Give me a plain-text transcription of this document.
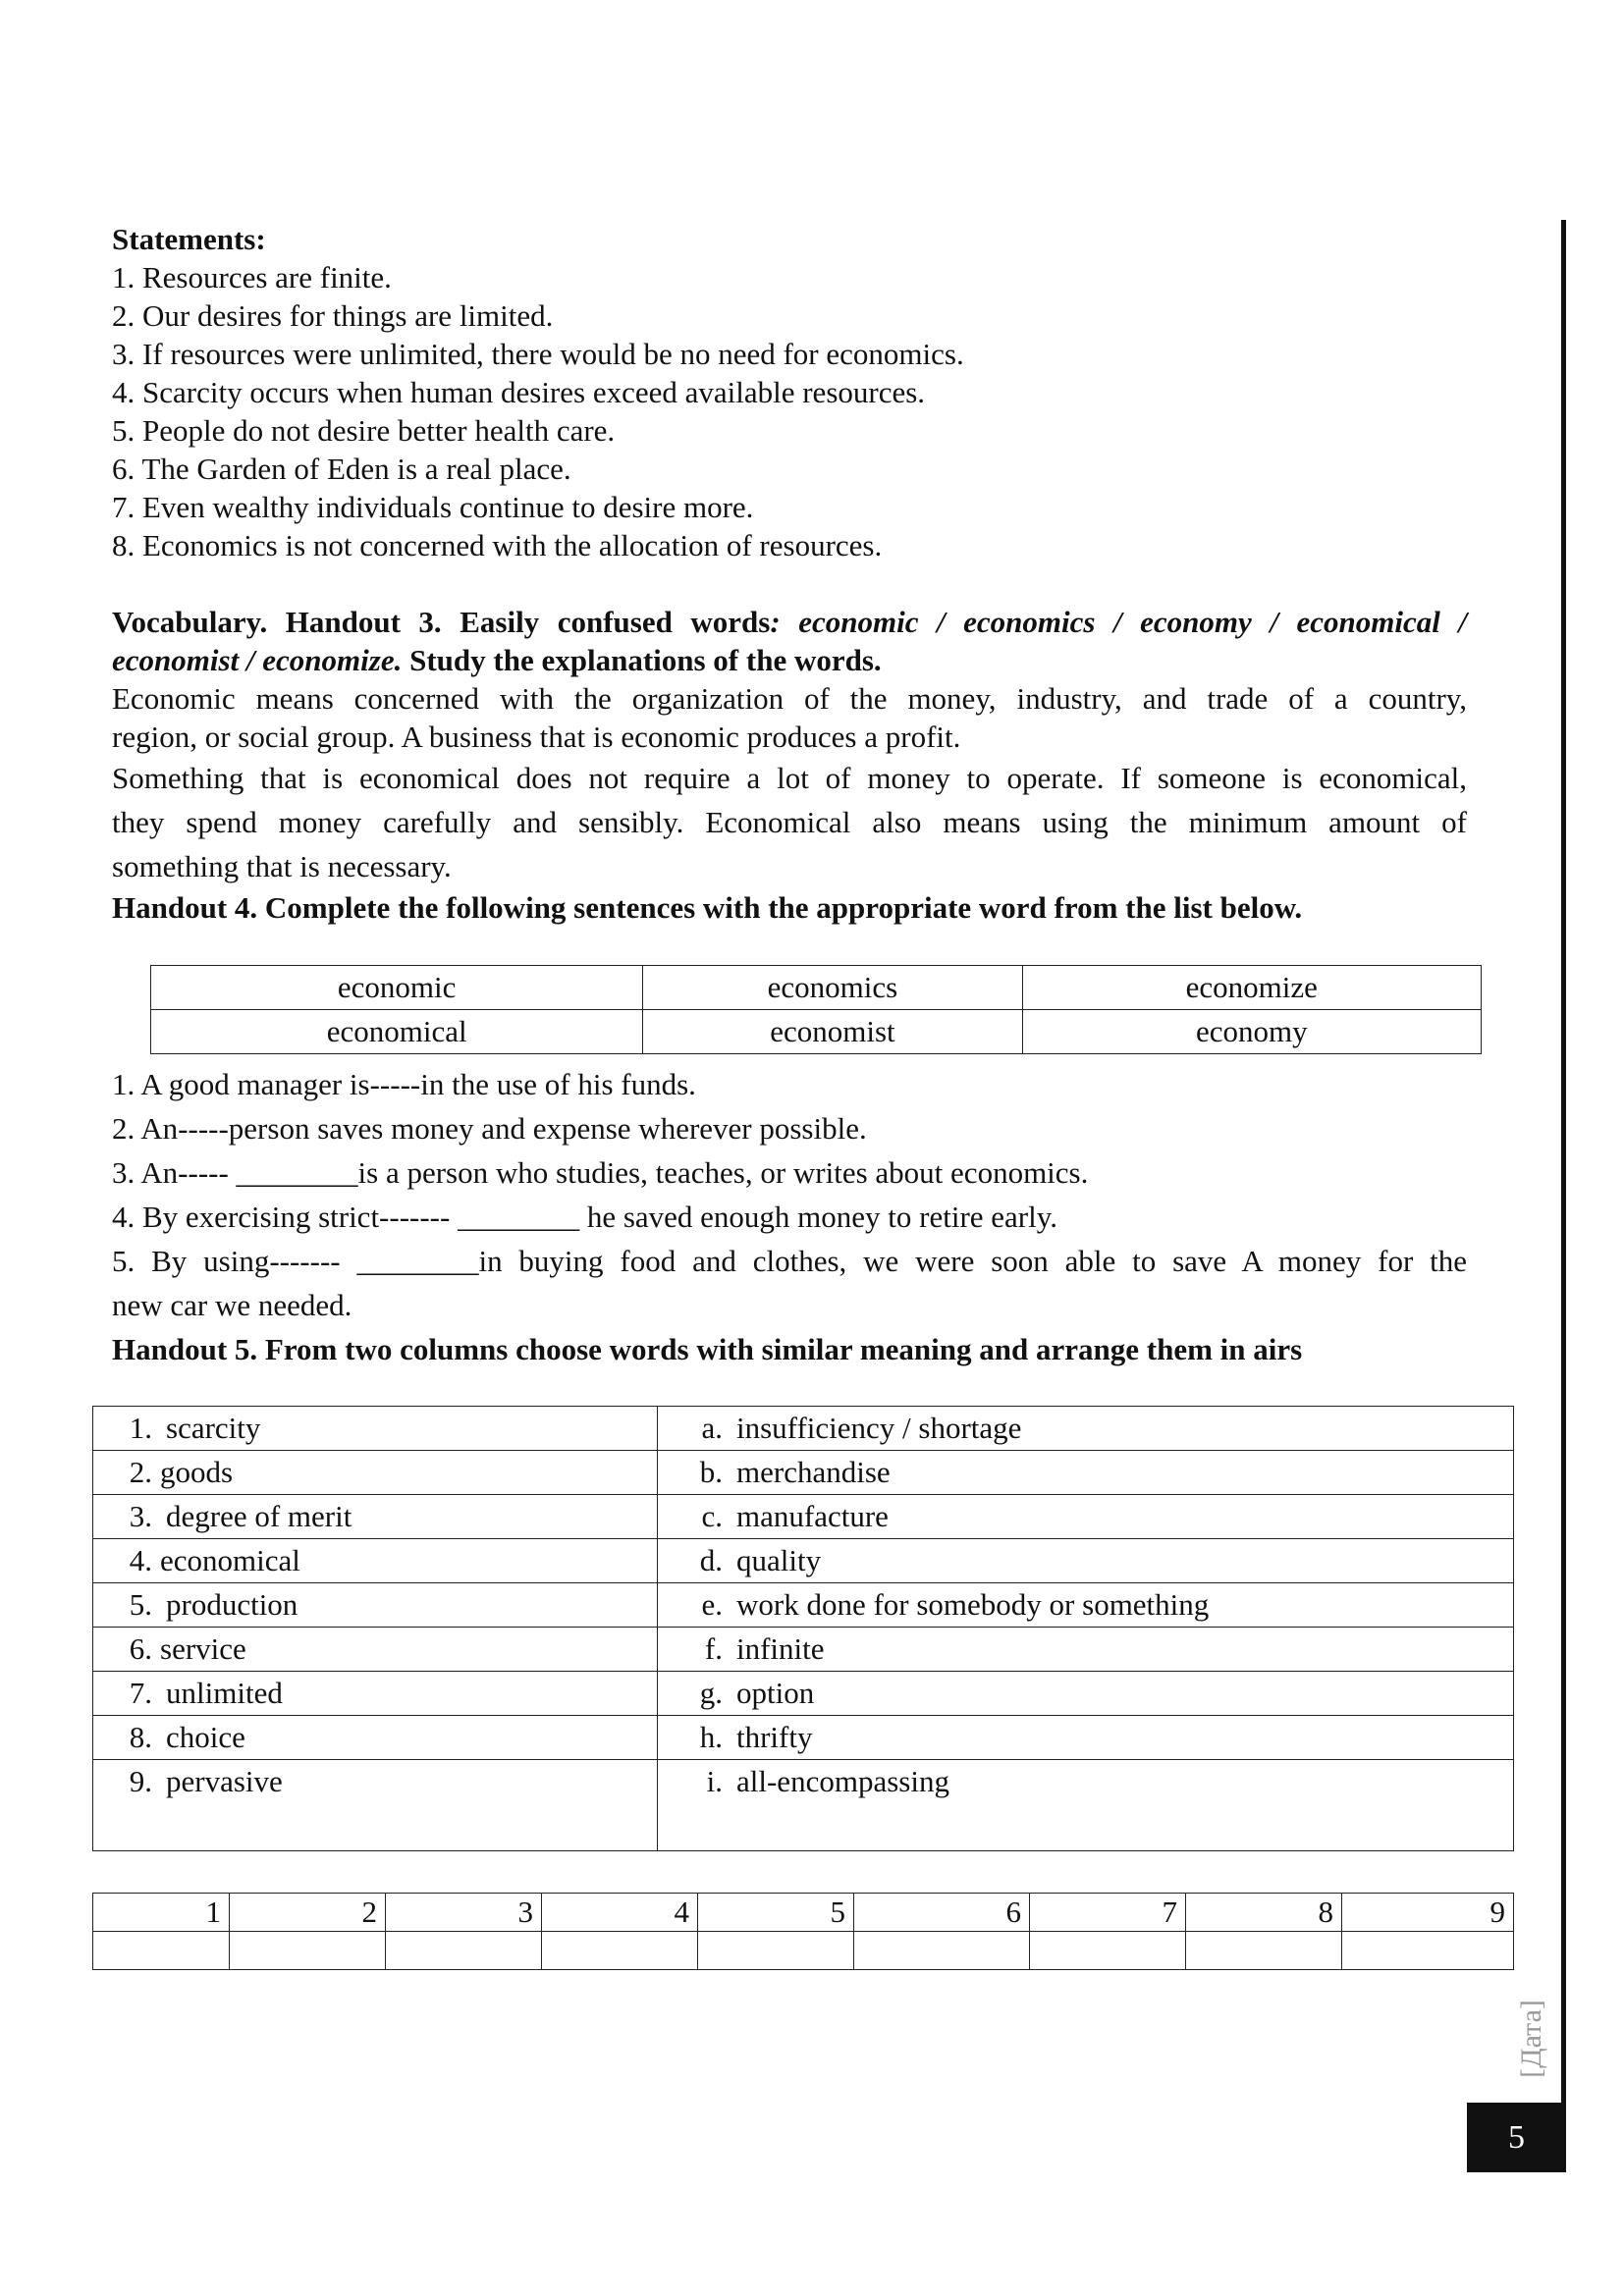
Statements:
1. Resources are finite.
2. Our desires for things are limited.
3. If resources were unlimited, there would be no need for economics.
4. Scarcity occurs when human desires exceed available resources.
5. People do not desire better health care.
6. The Garden of Eden is a real place.
7. Even wealthy individuals continue to desire more.
8. Economics is not concerned with the allocation of resources.
Vocabulary. Handout 3. Easily confused words: economic / economics / economy / economical /
economist / economize. Study the explanations of the words.
Economic means concerned with the organization of the money, industry, and trade of a country,
region, or social group. A business that is economic produces a profit.
Something that is economical does not require a lot of money to operate. If someone is economical,
they spend money carefully and sensibly. Economical also means using the minimum amount of
something that is necessary.
Handout 4. Complete the following sentences with the appropriate word from the list below.
economic	economics	economize
economical	economist	economy
1. A good manager is-----in the use of his funds.
2. An-----person saves money and expense wherever possible.
3. An----- ________is a person who studies, teaches, or writes about economics.
4. By exercising strict------- ________ he saved enough money to retire early.
5. By using------- ________in buying food and clothes, we were soon able to save A money for the
new car we needed.
Handout 5. From two columns choose words with similar meaning and arrange them in airs
1. scarcity	a. insufficiency / shortage
2. goods	b. merchandise
3. degree of merit	c. manufacture
4. economical	d. quality
5. production	e. work done for somebody or something
6. service	f. infinite
7. unlimited	g. option
8. choice	h. thrifty
9. pervasive	i. all-encompassing
1	2	3	4	5	6	7	8	9

[Дата]
5
